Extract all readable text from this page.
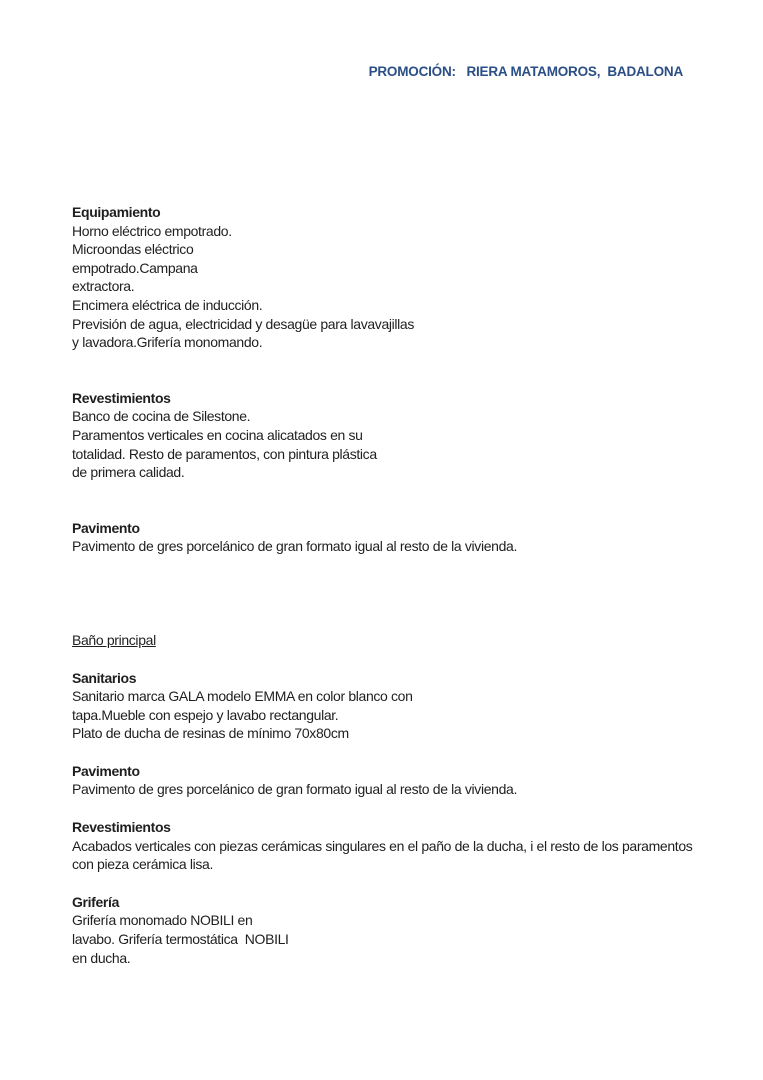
PROMOCIÓN:   RIERA MATAMOROS,  BADALONA

Equipamiento
Horno eléctrico empotrado.
Microondas eléctrico
empotrado.Campana
extractora.
Encimera eléctrica de inducción.
Previsión de agua, electricidad y desagüe para lavavajillas
y lavadora.Grifería monomando.
Revestimientos
Banco de cocina de Silestone.
Paramentos verticales en cocina alicatados en su
totalidad. Resto de paramentos, con pintura plástica
de primera calidad.
Pavimento
Pavimento de gres porcelánico de gran formato igual al resto de la vivienda.
Baño principal
Sanitarios
Sanitario marca GALA modelo EMMA en color blanco con
tapa.Mueble con espejo y lavabo rectangular.
Plato de ducha de resinas de mínimo 70x80cm
Pavimento
Pavimento de gres porcelánico de gran formato igual al resto de la vivienda.
Revestimientos
Acabados verticales con piezas cerámicas singulares en el paño de la ducha, i el resto de los paramentos
con pieza cerámica lisa.
Grifería
Grifería monomado NOBILI en
lavabo. Grifería termostática  NOBILI
en ducha.
